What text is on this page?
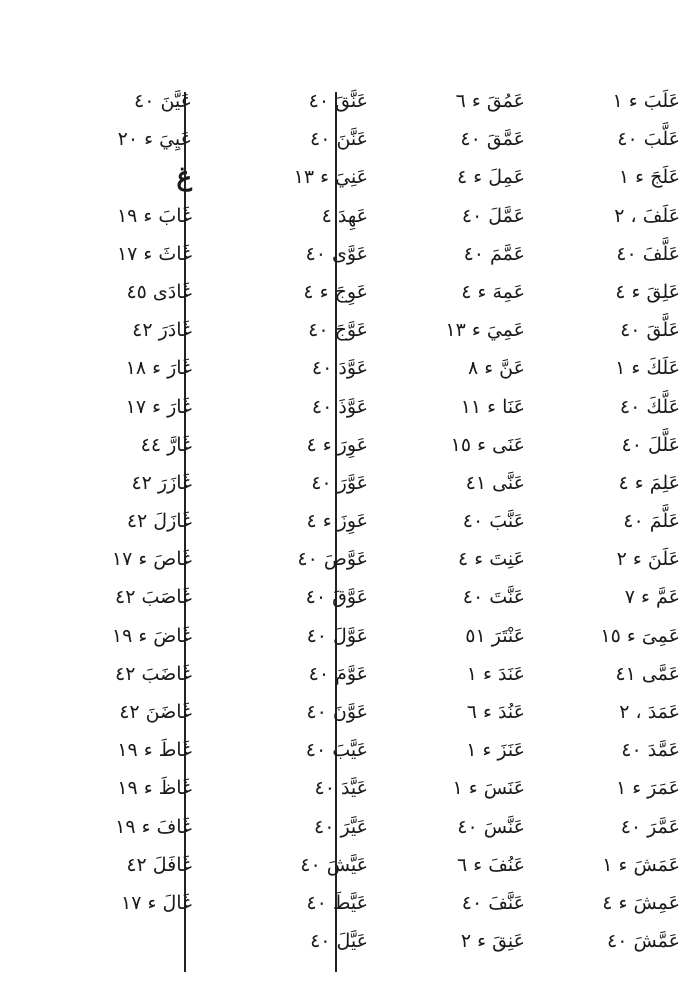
عَلَبَ ء ١
عَلَّبَ ٤٠
عَلَجَ ء ١
عَلَفَ ، ٢
عَلَّفَ ٤٠
عَلِقَ ء ٤
عَلَّقَ ٤٠
عَلَكَ ء ١
عَلَّكَ ٤٠
عَلَّلَ ٤٠
عَلِمَ ء ٤
عَلَّمَ ٤٠
عَلَنَ ء ٢
عَمَّ ء ٧
عَمِىَ ء ١٥
عَمَّى ٤١
عَمَدَ ، ٢
عَمَّدَ ٤٠
عَمَرَ ء ١
عَمَّرَ ٤٠
عَمَشَ ء ١
عَمِشَ ء ٤
عَمَّشَ ٤٠
عَمُقَ ء ٦
عَمَّقَ ٤٠
عَمِلَ ء ٤
عَمَّلَ ٤٠
عَمَّمَ ٤٠
عَمِهَ ء ٤
عَمِيَ ء ١٣
عَنَّ ء ٨
عَنَا ء ١١
عَنَى ء ١٥
عَنَّى ٤١
عَنَّبَ ٤٠
عَنِتَ ء ٤
عَنَّتَ ٤٠
عَنْتَرَ ٥١
عَنَدَ ء ١
عَنُدَ ء ٦
عَنَزَ ء ١
عَنَسَ ء ١
عَنَّسَ ٤٠
عَنُفَ ء ٦
عَنَّفَ ٤٠
عَنِقَ ء ٢
عَنَّقَ ٤٠
عَنَّنَ ٤٠
عَنِيَ ء ١٣
عَهِدَ ٤
عَوَّى ٤٠
عَوِجَ ء ٤
عَوَّجَ ٤٠
عَوَّدَ ٤٠
عَوَّذَ ٤٠
عَوِرَ ء ٤
عَوَّرَ ٤٠
عَوِزَ ء ٤
عَوَّصَ ٤٠
عَوَّقَ ٤٠
عَوَّلَ ٤٠
عَوَّمَ ٤٠
عَوَّنَ ٤٠
عَيَّبَ ٤٠
عَيَّدَ ٤٠
عَيَّرَ ٤٠
عَيَّشَ ٤٠
عَيَّطَ ٤٠
عَيَّلَ ٤٠
عَيَّنَ ٤٠
عَيِيَ ء ٢٠
غ
غَابَ ء ١٩
غَاثَ ء ١٧
غَادَى ٤٥
غَادَرَ ٤٢
غَارَ ء ١٨
غَارَ ء ١٧
غَارَّ ٤٤
غَازَرَ ٤٢
غَازَلَ ٤٢
غَاصَ ء ١٧
غَاصَبَ ٤٢
غَاضَ ء ١٩
غَاضَبَ ٤٢
غَاضَنَ ٤٢
غَاطَ ء ١٩
غَاظَ ء ١٩
غَافَ ء ١٩
غَافَلَ ٤٢
غَالَ ء ١٧
